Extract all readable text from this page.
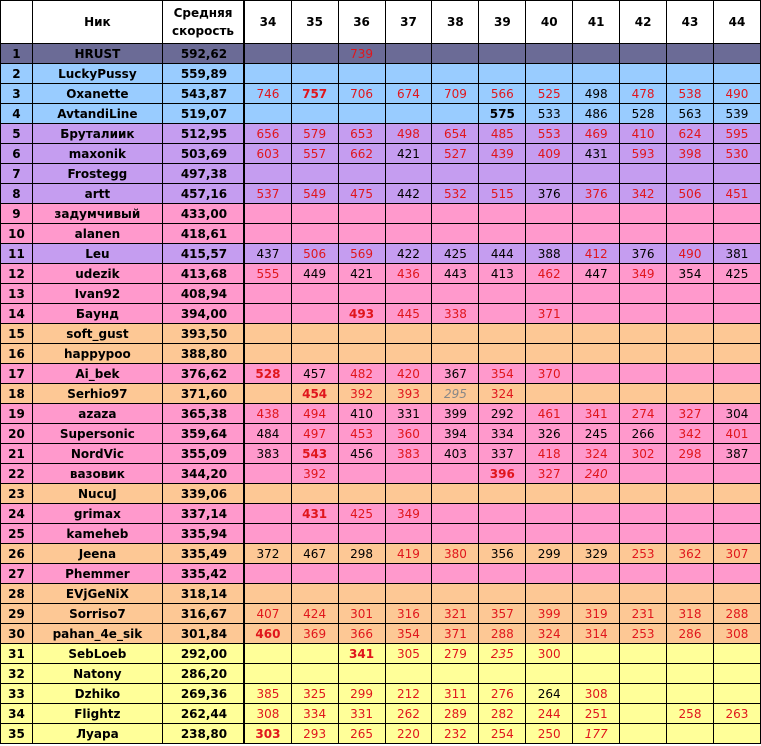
	Ник	Средняя
скорость	34	35	36	37	38	39	40	41	42	43	44
1	HRUST	592,62			739								
2	LuckyPussy	559,89											
3	Oxanette	543,87	746	757	706	674	709	566	525	498	478	538	490
4	AvtandiLine	519,07						575	533	486	528	563	539
5	Бруталиик	512,95	656	579	653	498	654	485	553	469	410	624	595
6	maxonik	503,69	603	557	662	421	527	439	409	431	593	398	530
7	Frostegg	497,38											
8	artt	457,16	537	549	475	442	532	515	376	376	342	506	451
9	задумчивый	433,00											
10	alanen	418,61											
11	Leu	415,57	437	506	569	422	425	444	388	412	376	490	381
12	udezik	413,68	555	449	421	436	443	413	462	447	349	354	425
13	Ivan92	408,94											
14	Баунд	394,00			493	445	338		371				
15	soft_gust	393,50											
16	happypoo	388,80											
17	Ai_bek	376,62	528	457	482	420	367	354	370				
18	Serhio97	371,60		454	392	393	295	324					
19	azaza	365,38	438	494	410	331	399	292	461	341	274	327	304
20	Supersonic	359,64	484	497	453	360	394	334	326	245	266	342	401
21	NordVic	355,09	383	543	456	383	403	337	418	324	302	298	387
22	вазовик	344,20		392				396	327	240			
23	NucuJ	339,06											
24	grimax	337,14		431	425	349							
25	kameheb	335,94											
26	Jeena	335,49	372	467	298	419	380	356	299	329	253	362	307
27	Phemmer	335,42											
28	EVjGeNiX	318,14											
29	Sorriso7	316,67	407	424	301	316	321	357	399	319	231	318	288
30	pahan_4e_sik	301,84	460	369	366	354	371	288	324	314	253	286	308
31	SebLoeb	292,00			341	305	279	235	300				
32	Natony	286,20											
33	Dzhiko	269,36	385	325	299	212	311	276	264	308			
34	Flightz	262,44	308	334	331	262	289	282	244	251		258	263
35	Луара	238,80	303	293	265	220	232	254	250	177			
